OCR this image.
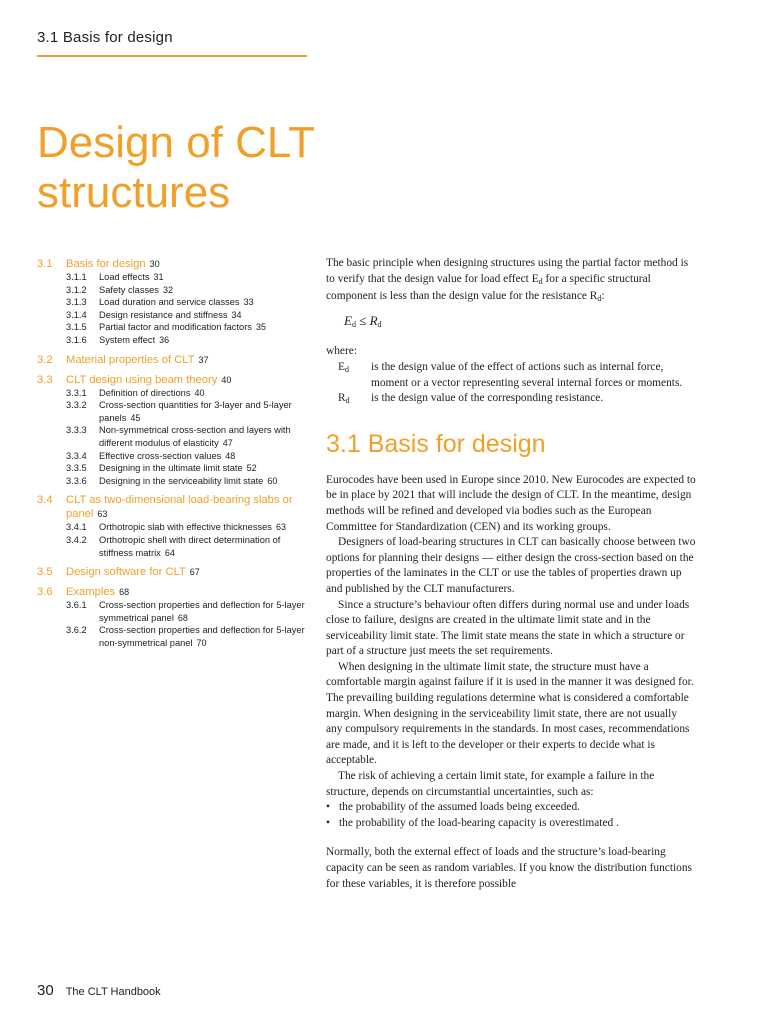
3.1 Basis for design
Design of CLT
structures
3.1	Basis for design 30
3.1.1	Load effects 31
3.1.2	Safety classes 32
3.1.3	Load duration and service classes 33
3.1.4	Design resistance and stiffness 34
3.1.5	Partial factor and modification factors 35
3.1.6	System effect 36
3.2	Material properties of CLT 37
3.3	CLT design using beam theory 40
3.3.1	Definition of directions 40
3.3.2	Cross-section quantities for 3-layer and 5-layer panels 45
3.3.3	Non-symmetrical cross-section and layers with different modulus of elasticity 47
3.3.4	Effective cross-section values 48
3.3.5	Designing in the ultimate limit state 52
3.3.6	Designing in the serviceability limit state 60
3.4	CLT as two-dimensional load-bearing slabs or panel 63
3.4.1	Orthotropic slab with effective thicknesses 63
3.4.2	Orthotropic shell with direct determination of stiffness matrix 64
3.5	Design software for CLT 67
3.6	Examples 68
3.6.1	Cross-section properties and deflection for 5-layer symmetrical panel 68
3.6.2	Cross-section properties and deflection for 5-layer non-symmetrical panel 70

The basic principle when designing structures using the partial factor method is to verify that the design value for load effect $E_d$ for a specific structural component is less than the design value for the resistance $R_d$:

$E_d \le R_d$

where:

$E_d$	is the design value of the effect of actions such as internal force, moment or a vector representing several internal forces or moments.
$R_d$	is the design value of the corresponding resistance.
3.1 Basis for design

Eurocodes have been used in Europe since 2010. New Eurocodes are expected to be in place by 2021 that will include the design of CLT. In the meantime, design methods will be refined and developed via bodies such as the European Committee for Standardization (CEN) and its working groups.

Designers of load-bearing structures in CLT can basically choose between two options for planning their designs — either design the cross-section based on the properties of the laminates in the CLT or use the tables of properties drawn up and published by the CLT manufacturers.

Since a structure’s behaviour often differs during normal use and under loads close to failure, designs are created in the ultimate limit state and in the serviceability limit state. The limit state means the state in which a structure or part of a structure just meets the set requirements.

When designing in the ultimate limit state, the structure must have a comfortable margin against failure if it is used in the manner it was designed for. The prevailing building regulations determine what is considered a comfortable margin. When designing in the serviceability limit state, there are not usually any compulsory requirements in the standards. In most cases, recommendations are made, and it is left to the developer or their experts to decide what is acceptable.

The risk of achieving a certain limit state, for example a failure in the structure, depends on circumstantial uncertainties, such as:

• the probability of the assumed loads being exceeded.
• the probability of the load-bearing capacity is overestimated .

Normally, both the external effect of loads and the structure’s load-bearing capacity can be seen as random variables. If you know the distribution functions for these variables, it is therefore possible

30 The CLT Handbook
